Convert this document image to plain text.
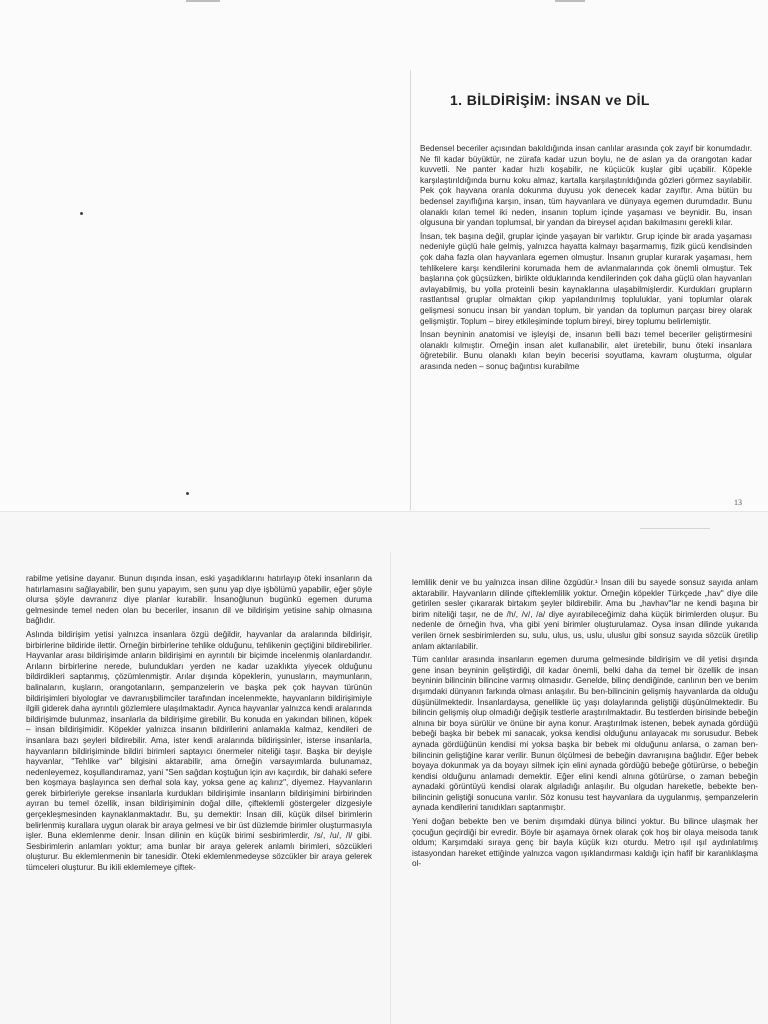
1. BİLDİRİŞİM: İNSAN ve DİL

Bedensel beceriler açısından bakıldığında insan canlılar arasında çok zayıf bir konumdadır. Ne fil kadar büyüktür, ne zürafa kadar uzun boylu, ne de aslan ya da orangotan kadar kuvvetli. Ne panter kadar hızlı koşabilir, ne küçücük kuşlar gibi uçabilir. Köpekle karşılaştırıldığında burnu koku almaz, kartalla karşılaştırıldığında gözleri görmez sayılabilir. Pek çok hayvana oranla dokunma duyusu yok denecek kadar zayıftır. Ama bütün bu bedensel zayıflığına karşın, insan, tüm hayvanlara ve dünyaya egemen durumdadır. Bunu olanaklı kılan temel iki neden, insanın toplum içinde yaşaması ve beynidir. Bu, insan olgusuna bir yandan toplumsal, bir yandan da bireysel açıdan bakılmasını gerekli kılar.

İnsan, tek başına değil, gruplar içinde yaşayan bir varlıktır. Grup içinde bir arada yaşaması nedeniyle güçlü hale gelmiş, yalnızca hayatta kalmayı başarmamış, fizik gücü kendisinden çok daha fazla olan hayvanlara egemen olmuştur. İnsanın gruplar kurarak yaşaması, hem tehlikelere karşı kendilerini korumada hem de avlanmalarında çok önemli olmuştur. Tek başlarına çok güçsüzken, birlikte olduklarında kendilerinden çok daha güçlü olan hayvanları avlayabilmiş, bu yolla proteinli besin kaynaklarına ulaşabilmişlerdir. Kurdukları grupların rastlantısal gruplar olmaktan çıkıp yapılandırılmış topluluklar, yani toplumlar olarak gelişmesi sonucu insan bir yandan toplum, bir yandan da toplumun parçası birey olarak gelişmiştir. Toplum – birey etkileşiminde toplum bireyi, birey toplumu belirlemiştir.

İnsan beyninin anatomisi ve işleyişi de, insanın belli bazı temel beceriler geliştirmesini olanaklı kılmıştır. Örneğin insan alet kullanabilir, alet üretebilir, bunu öteki insanlara öğretebilir. Bunu olanaklı kılan beyin becerisi soyutlama, kavram oluşturma, olgular arasında neden – sonuç bağıntısı kurabilme

13

rabilme yetisine dayanır. Bunun dışında insan, eski yaşadıklarını hatırlayıp öteki insanların da hatırlamasını sağlayabilir, ben şunu yapayım, sen şunu yap diye işbölümü yapabilir, eğer şöyle olursa şöyle davranırız diye planlar kurabilir. İnsanoğlunun bugünkü egemen duruma gelmesinde temel neden olan bu beceriler, insanın dil ve bildirişim yetisine sahip olmasına bağlıdır.

Aslında bildirişim yetisi yalnızca insanlara özgü değildir, hayvanlar da aralarında bildirişir, birbirlerine bildiride ilettir. Örneğin birbirlerine tehlike olduğunu, tehlikenin geçtiğini bildirebilirler. Hayvanlar arası bildirişimde anların bildirişimi en ayrıntılı bir biçimde incelenmiş olanlardandır. Arıların birbirlerine nerede, bulundukları yerden ne kadar uzaklıkta yiyecek olduğunu bildirdikleri saptanmış, çözümlenmiştir. Arılar dışında köpeklerin, yunusların, maymunların, balinaların, kuşların, orangotanların, şempanzelerin ve başka pek çok hayvan türünün bildirişimleri biyologlar ve davranışbilimciler tarafından incelenmekte, hayvanların bildirişimiyle ilgili giderek daha ayrıntılı gözlemlere ulaşılmaktadır. Ayrıca hayvanlar yalnızca kendi aralarında bildirişimde bulunmaz, insanlarla da bildirişime girebilir. Bu konuda en yakından bilinen, köpek – insan bildirişimidir. Köpekler yalnızca insanın bildirilerini anlamakla kalmaz, kendileri de insanlara bazı şeyleri bildirebilir. Ama, ister kendi aralarında bildirişsinler, isterse insanlarla, hayvanların bildirişiminde bildiri birimleri saptayıcı önermeler niteliği taşır. Başka bir deyişle hayvanlar, "Tehlike var" bilgisini aktarabilir, ama örneğin varsayımlarda bulunamaz, nedenleyemez, koşullandıramaz, yani "Sen sağdan koştuğun için avı kaçırdık, bir dahaki sefere ben koşmaya başlayınca sen derhal sola kay, yoksa gene aç kalırız", diyemez. Hayvanların gerek birbirleriyle gerekse insanlarla kurdukları bildirişimle insanların bildirişimini birbirinden ayıran bu temel özellik, insan bildirişiminin doğal dille, çifteklemli göstergeler dizgesiyle gerçekleşmesinden kaynaklanmaktadır. Bu, şu demektir: İnsan dili, küçük dilsel birimlerin belirlenmiş kurallara uygun olarak bir araya gelmesi ve bir üst düzlemde birimler oluşturmasıyla işler. Buna eklemlenme denir. İnsan dilinin en küçük birimi sesbirimlerdir, /s/, /u/, /l/ gibi. Sesbirimlerin anlamları yoktur; ama bunlar bir araya gelerek anlamlı birimleri, sözcükleri oluşturur. Bu eklemlenmenin bir tanesidir. Öteki eklemlenmedeyse sözcükler bir araya gelerek tümceleri oluşturur. Bu ikili eklemlemeye çiftek-

lemlilik denir ve bu yalnızca insan diline özgüdür.¹ İnsan dili bu sayede sonsuz sayıda anlam aktarabilir. Hayvanların dilinde çifteklemlilik yoktur. Örneğin köpekler Türkçede „hav" diye dile getirilen sesler çıkararak birtakım şeyler bildirebilir. Ama bu „havhav"lar ne kendi başına bir birim niteliği taşır, ne de /h/, /v/, /a/ diye ayırabileceğimiz daha küçük birimlerden oluşur. Bu nedenle de örneğin hva, vha gibi yeni birimler oluşturulamaz. Oysa insan dilinde yukarıda verilen örnek sesbirimlerden su, sulu, ulus, us, uslu, ulusluı gibi sonsuz sayıda sözcük üretilip anlam aktarılabilir.

Tüm canlılar arasında insanların egemen duruma gelmesinde bildirişim ve dil yetisi dışında gene insan beyninin geliştirdiği, dil kadar önemli, belki daha da temel bir özellik de insan beyninin bilincinin bilincine varmış olmasıdır. Genelde, bilinç dendiğinde, canlının ben ve benim dışımdaki dünyanın farkında olması anlaşılır. Bu ben-bilincinin gelişmiş hayvanlarda da olduğu düşünülmektedir. İnsanlardaysa, genellikle üç yaşı dolaylarında geliştiği düşünülmektedir. Bu bilincin gelişmiş olup olmadığı değişik testlerle araştırılmaktadır. Bu testlerden birisinde bebeğin alnına bir boya sürülür ve önüne bir ayna konur. Araştırılmak istenen, bebek aynada gördüğü bebeği başka bir bebek mi sanacak, yoksa kendisi olduğunu anlayacak mı sorusudur. Bebek aynada gördüğünün kendisi mi yoksa başka bir bebek mi olduğunu anlarsa, o zaman ben-bilincinin geliştiğine karar verilir. Bunun ölçülmesi de bebeğin davranışına bağlıdır. Eğer bebek boyaya dokunmak ya da boyayı silmek için elini aynada gördüğü bebeğe götürürse, o bebeğin kendisi olduğunu anlamadı demektir. Eğer elini kendi alnına götürürse, o zaman bebeğin aynadaki görüntüyü kendisi olarak algıladığı anlaşılır. Bu olgudan hareketle, bebekte ben-bilincinin geliştiği sonucuna varılır. Söz konusu test hayvanlara da uygulanmış, şempanzelerin aynada kendilerini tanıdıkları saptanmıştır.

Yeni doğan bebekte ben ve benim dışımdaki dünya bilinci yoktur. Bu bilince ulaşmak her çocuğun geçirdiği bir evredir. Böyle bir aşamaya örnek olarak çok hoş bir olaya meisoda tanık oldum; Karşımdaki sıraya genç bir bayla küçük kızı oturdu. Metro ışıl ışıl aydınlatılmış istasyondan hareket ettiğinde yalnızca vagon ışıklandırması kaldığı için hafif bir karanlıklaşma ol-
